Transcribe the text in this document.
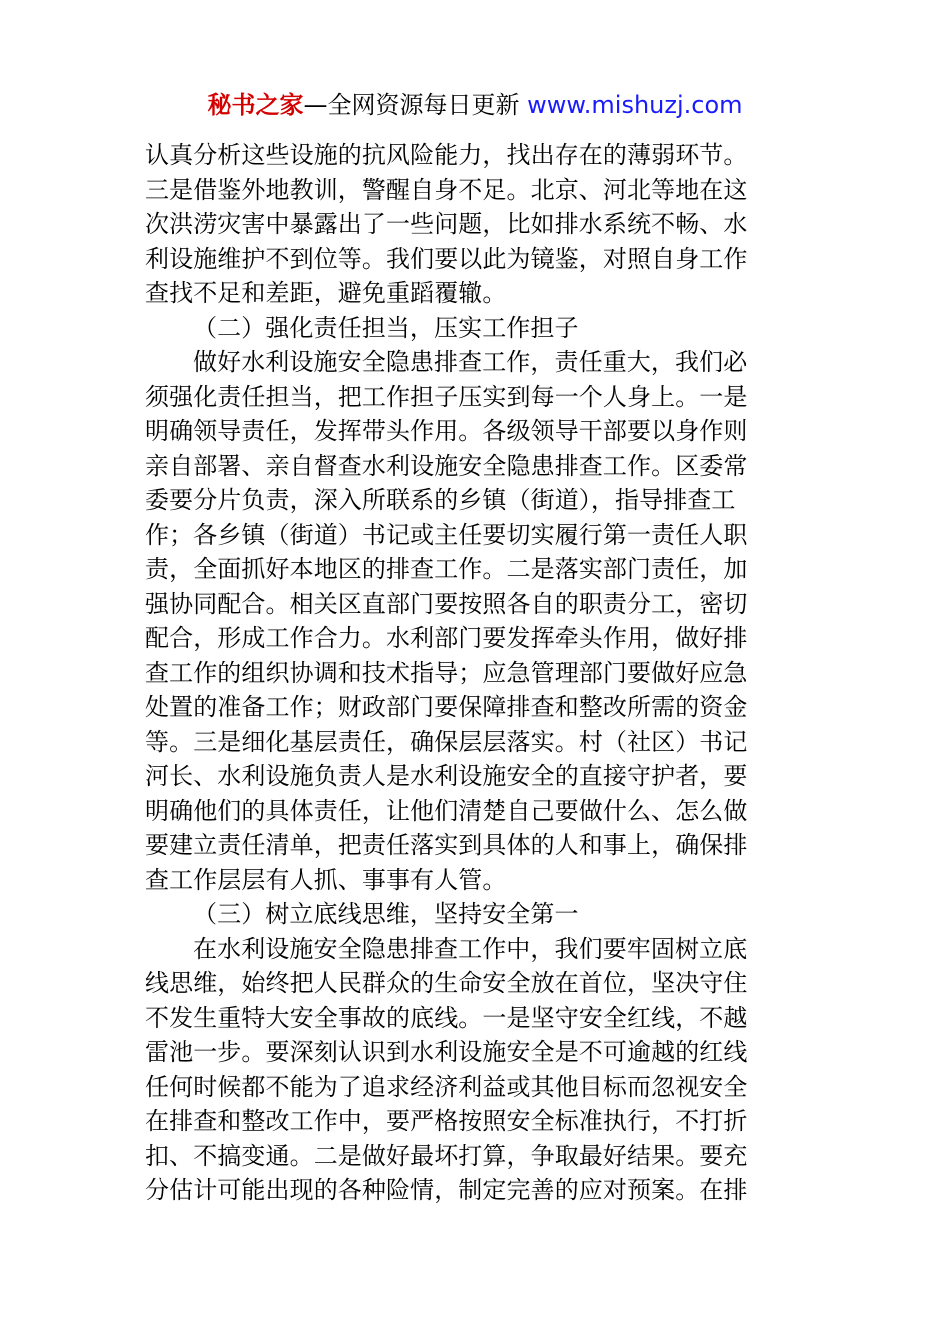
秘书之家—全网资源每日更新 www.mishuzj.com
认真分析这些设施的抗风险能力，找出存在的薄弱环节。
三是借鉴外地教训，警醒自身不足。北京、河北等地在这
次洪涝灾害中暴露出了一些问题，比如排水系统不畅、水
利设施维护不到位等。我们要以此为镜鉴，对照自身工作
查找不足和差距，避免重蹈覆辙。
（二）强化责任担当，压实工作担子
做好水利设施安全隐患排查工作，责任重大，我们必
须强化责任担当，把工作担子压实到每一个人身上。一是
明确领导责任，发挥带头作用。各级领导干部要以身作则
亲自部署、亲自督查水利设施安全隐患排查工作。区委常
委要分片负责，深入所联系的乡镇（街道），指导排查工
作；各乡镇（街道）书记或主任要切实履行第一责任人职
责，全面抓好本地区的排查工作。二是落实部门责任，加
强协同配合。相关区直部门要按照各自的职责分工，密切
配合，形成工作合力。水利部门要发挥牵头作用，做好排
查工作的组织协调和技术指导；应急管理部门要做好应急
处置的准备工作；财政部门要保障排查和整改所需的资金
等。三是细化基层责任，确保层层落实。村（社区）书记
河长、水利设施负责人是水利设施安全的直接守护者，要
明确他们的具体责任，让他们清楚自己要做什么、怎么做
要建立责任清单，把责任落实到具体的人和事上，确保排
查工作层层有人抓、事事有人管。
（三）树立底线思维，坚持安全第一
在水利设施安全隐患排查工作中，我们要牢固树立底
线思维，始终把人民群众的生命安全放在首位，坚决守住
不发生重特大安全事故的底线。一是坚守安全红线，不越
雷池一步。要深刻认识到水利设施安全是不可逾越的红线
任何时候都不能为了追求经济利益或其他目标而忽视安全
在排查和整改工作中，要严格按照安全标准执行，不打折
扣、不搞变通。二是做好最坏打算，争取最好结果。要充
分估计可能出现的各种险情，制定完善的应对预案。在排
